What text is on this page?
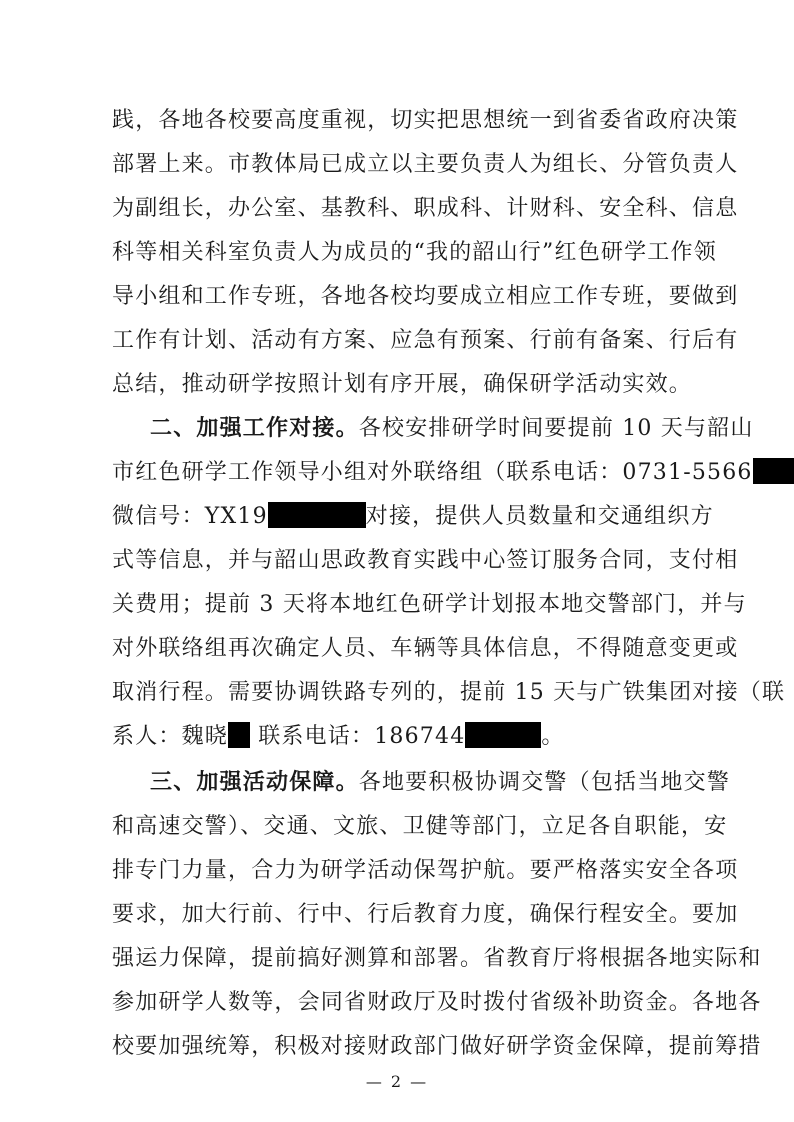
践，各地各校要高度重视，切实把思想统一到省委省政府决策
部署上来。市教体局已成立以主要负责人为组长、分管负责人
为副组长，办公室、基教科、职成科、计财科、安全科、信息
科等相关科室负责人为成员的“我的韶山行”红色研学工作领
导小组和工作专班，各地各校均要成立相应工作专班，要做到
工作有计划、活动有方案、应急有预案、行前有备案、行后有
总结，推动研学按照计划有序开展，确保研学活动实效。
二、加强工作对接。各校安排研学时间要提前 10 天与韶山
市红色研学工作领导小组对外联络组（联系电话：0731-5566
微信号：YX19	对接，提供人员数量和交通组织方
式等信息，并与韶山思政教育实践中心签订服务合同，支付相
关费用；提前 3 天将本地红色研学计划报本地交警部门，并与
对外联络组再次确定人员、车辆等具体信息，不得随意变更或
取消行程。需要协调铁路专列的，提前 15 天与广铁集团对接（联
系人：魏晓 联系电话：186744	。
三、加强活动保障。各地要积极协调交警（包括当地交警
和高速交警）、交通、文旅、卫健等部门，立足各自职能，安
排专门力量，合力为研学活动保驾护航。要严格落实安全各项
要求，加大行前、行中、行后教育力度，确保行程安全。要加
强运力保障，提前搞好测算和部署。省教育厅将根据各地实际和
参加研学人数等，会同省财政厅及时拨付省级补助资金。各地各
校要加强统筹，积极对接财政部门做好研学资金保障，提前筹措
— 2 —
